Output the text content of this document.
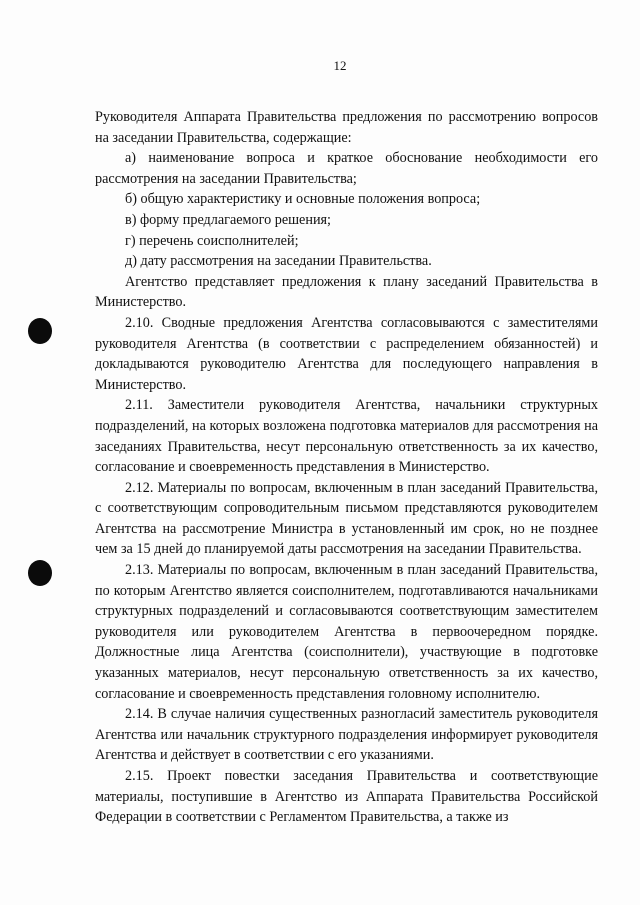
12

Руководителя Аппарата Правительства предложения по рассмотрению вопросов на заседании Правительства, содержащие:

а) наименование вопроса и краткое обоснование необходимости его рассмотрения на заседании Правительства;

б) общую характеристику и основные положения вопроса;

в) форму предлагаемого решения;

г) перечень соисполнителей;

д) дату рассмотрения на заседании Правительства.

Агентство представляет предложения к плану заседаний Правительства в Министерство.

2.10. Сводные предложения Агентства согласовываются с заместителями руководителя Агентства (в соответствии с распределением обязанностей) и докладываются руководителю Агентства для последующего направления в Министерство.

2.11. Заместители руководителя Агентства, начальники структурных подразделений, на которых возложена подготовка материалов для рассмотрения на заседаниях Правительства, несут персональную ответственность за их качество, согласование и своевременность представления в Министерство.

2.12. Материалы по вопросам, включенным в план заседаний Правительства, с соответствующим сопроводительным письмом представляются руководителем Агентства на рассмотрение Министра в установленный им срок, но не позднее чем за 15 дней до планируемой даты рассмотрения на заседании Правительства.

2.13. Материалы по вопросам, включенным в план заседаний Правительства, по которым Агентство является соисполнителем, подготавливаются начальниками структурных подразделений и согласовываются соответствующим заместителем руководителя или руководителем Агентства в первоочередном порядке. Должностные лица Агентства (соисполнители), участвующие в подготовке указанных материалов, несут персональную ответственность за их качество, согласование и своевременность представления головному исполнителю.

2.14. В случае наличия существенных разногласий заместитель руководителя Агентства или начальник структурного подразделения информирует руководителя Агентства и действует в соответствии с его указаниями.

2.15. Проект повестки заседания Правительства и соответствующие материалы, поступившие в Агентство из Аппарата Правительства Российской Федерации в соответствии с Регламентом Правительства, а также из
